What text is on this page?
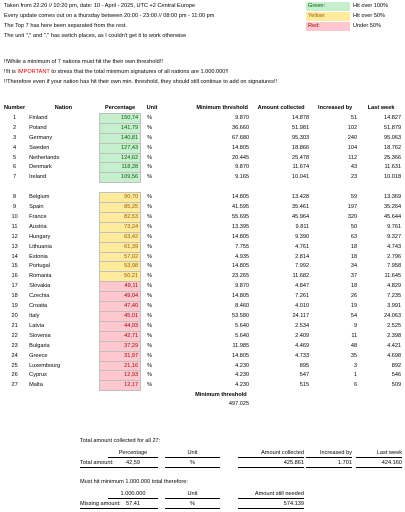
Taken from 22:20 // 10:20 pm, date: 10 - April - 2025, UTC +2 Central Europe
Every update comes out on a thursday between 20:00 - 23:00 // 08:00 pm - 11:00 pm
The Top 7 has here been separated from the rest.
The unit "," and "." has switch places, as I couldn't get it to work otherwise
!!While a minimum of 7 nations must hit the their own threshold!!
!!It is IMPORTANT to stress that the total minimum signatures of all nations are 1.000.000!!
!!Therefore even if your nation has hit their own min. threshold, they should still continue to add on signatures!!
Green:	Hit over 100%
Yellow:	Hit over 50%
Red:	Under 50%
Number	Nation	Percentage	Unit	Minimum threshold	Amount collected	Increased by	Last week
1	Finland	150,74	%	9.870	14.878	51	14.827
2	Poland	141,79	%	36.660	51.981	102	51.879
3	Germany	140,81	%	67.680	95.303	240	95.063
4	Sweden	127,43	%	14.805	18.866	104	18.762
5	Netherlands	124,62	%	20.445	25.478	112	25.366
6	Denmark	118,28	%	9.870	11.674	43	11.631
7	Ireland	109,56	%	9.165	10.041	23	10.018

8	Belgium	90,70	%	14.805	13.428	59	13.369
9	Spain	85,25	%	41.595	35.461	197	35.264
10	France	82,53	%	55.695	45.964	320	45.644
11	Austria	73,24	%	13.395	9.811	50	9.761
12	Hungary	63,42	%	14.805	9.390	63	9.327
13	Lithuania	61,39	%	7.755	4.761	18	4.743
14	Estonia	57,02	%	4.935	2.814	18	2.796
15	Portugal	53,98	%	14.805	7.992	34	7.958
16	Romania	50,21	%	23.265	11.682	37	11.645
17	Slovakia	49,11	%	9.870	4.847	18	4.829
18	Czechia	49,04	%	14.805	7.261	26	7.235
19	Croatia	47,40	%	8.460	4.010	19	3.991
20	Italy	45,01	%	53.580	24.117	54	24.063
21	Latvia	44,93	%	5.640	2.534	9	2.525
22	Slovenia	42,71	%	5.640	2.409	11	2.398
23	Bulgaria	37,29	%	11.985	4.469	48	4.421
24	Greece	31,97	%	14.805	4.733	35	4.698
25	Luxembourg	21,16	%	4.230	895	3	892
26	Cyprus	12,93	%	4.230	547	1	546
27	Malta	12,17	%	4.230	515	6	509
				Minimum threshold			
				497.025			
Total amount collected for all 27:
Percentage	Unit	Amount collected	Increased by	Last week
Total amount:	42,59	%	425.861	1.701	424.160
Must hit minimum 1.000.000 total therefore:
1.000.000	Unit	Amount still needed
Missing amount: 57,41	%	574.139
